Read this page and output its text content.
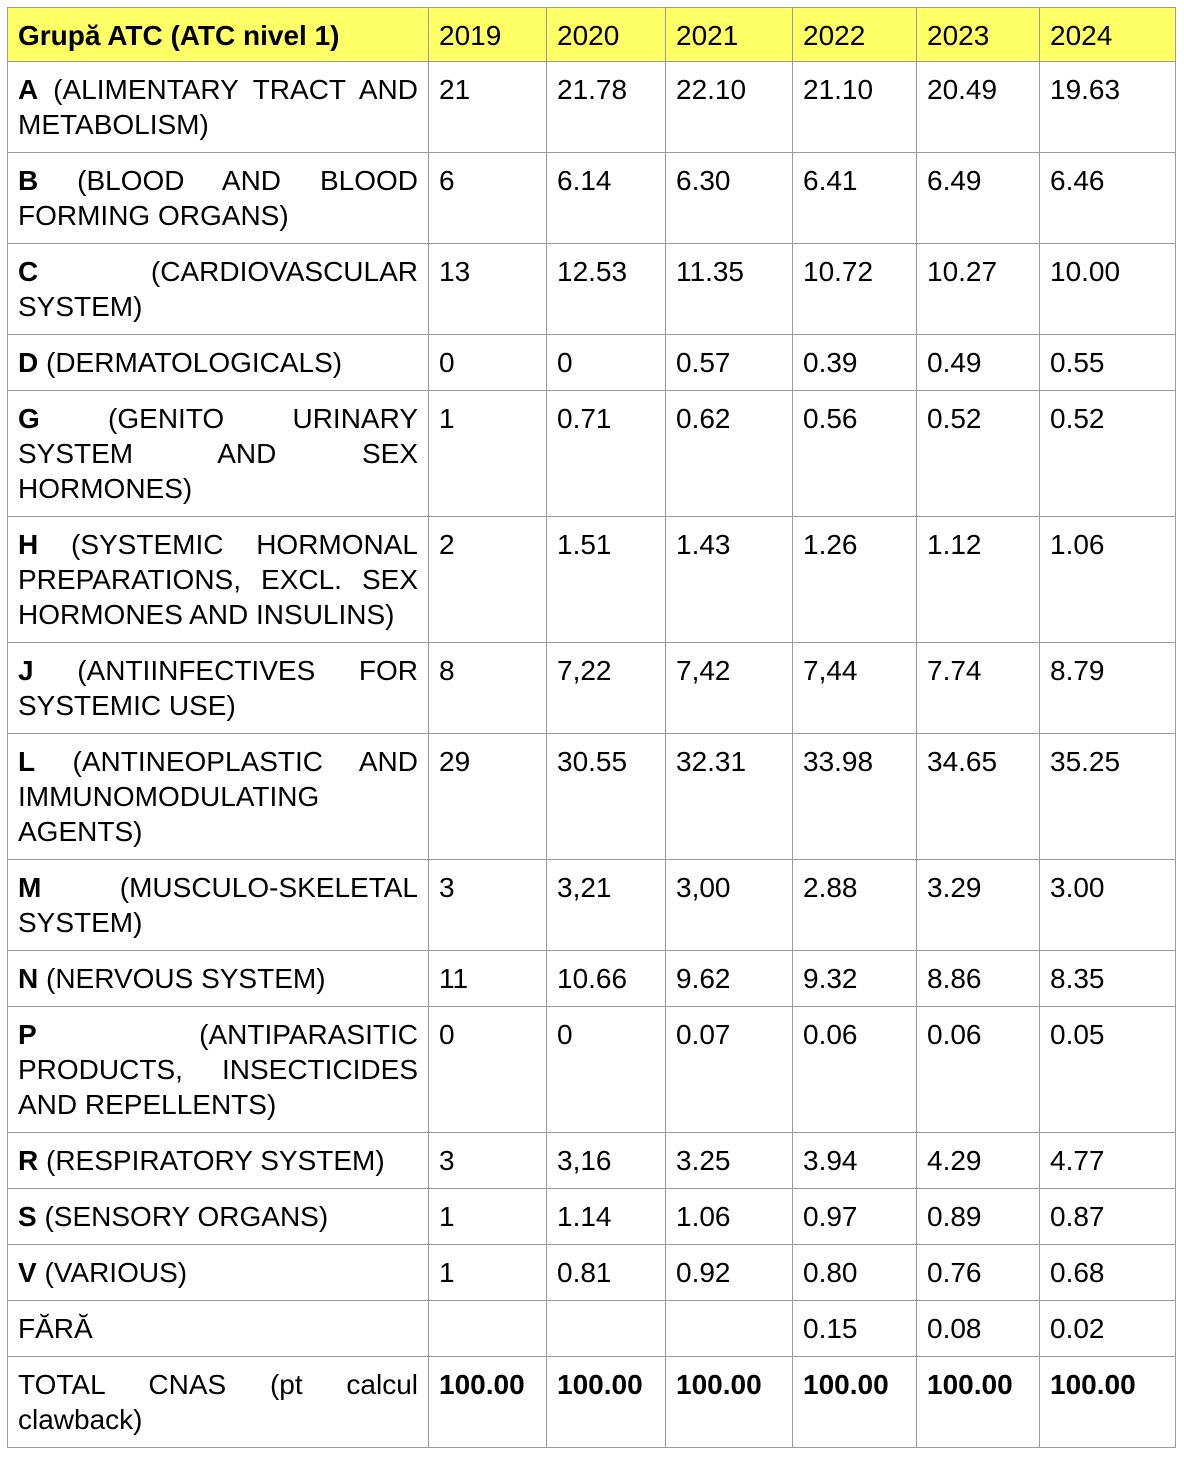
Grupă ATC (ATC nivel 1)	2019	2020	2021	2022	2023	2024
A (ALIMENTARY TRACT AND METABOLISM)	21	21.78	22.10	21.10	20.49	19.63
B (BLOOD AND BLOOD FORMING ORGANS)	6	6.14	6.30	6.41	6.49	6.46
C (CARDIOVASCULAR SYSTEM)	13	12.53	11.35	10.72	10.27	10.00
D (DERMATOLOGICALS)	0	0	0.57	0.39	0.49	0.55
G (GENITO URINARY SYSTEM AND SEX HORMONES)	1	0.71	0.62	0.56	0.52	0.52
H (SYSTEMIC HORMONAL PREPARATIONS, EXCL. SEX HORMONES AND INSULINS)	2	1.51	1.43	1.26	1.12	1.06
J (ANTIINFECTIVES FOR SYSTEMIC USE)	8	7,22	7,42	7,44	7.74	8.79
L (ANTINEOPLASTIC AND IMMUNOMODULATING AGENTS)	29	30.55	32.31	33.98	34.65	35.25
M (MUSCULO-SKELETAL SYSTEM)	3	3,21	3,00	2.88	3.29	3.00
N (NERVOUS SYSTEM)	11	10.66	9.62	9.32	8.86	8.35
P (ANTIPARASITIC PRODUCTS, INSECTICIDES AND REPELLENTS)	0	0	0.07	0.06	0.06	0.05
R (RESPIRATORY SYSTEM)	3	3,16	3.25	3.94	4.29	4.77
S (SENSORY ORGANS)	1	1.14	1.06	0.97	0.89	0.87
V (VARIOUS)	1	0.81	0.92	0.80	0.76	0.68
FĂRĂ				0.15	0.08	0.02
TOTAL CNAS (pt calcul clawback)	100.00	100.00	100.00	100.00	100.00	100.00
